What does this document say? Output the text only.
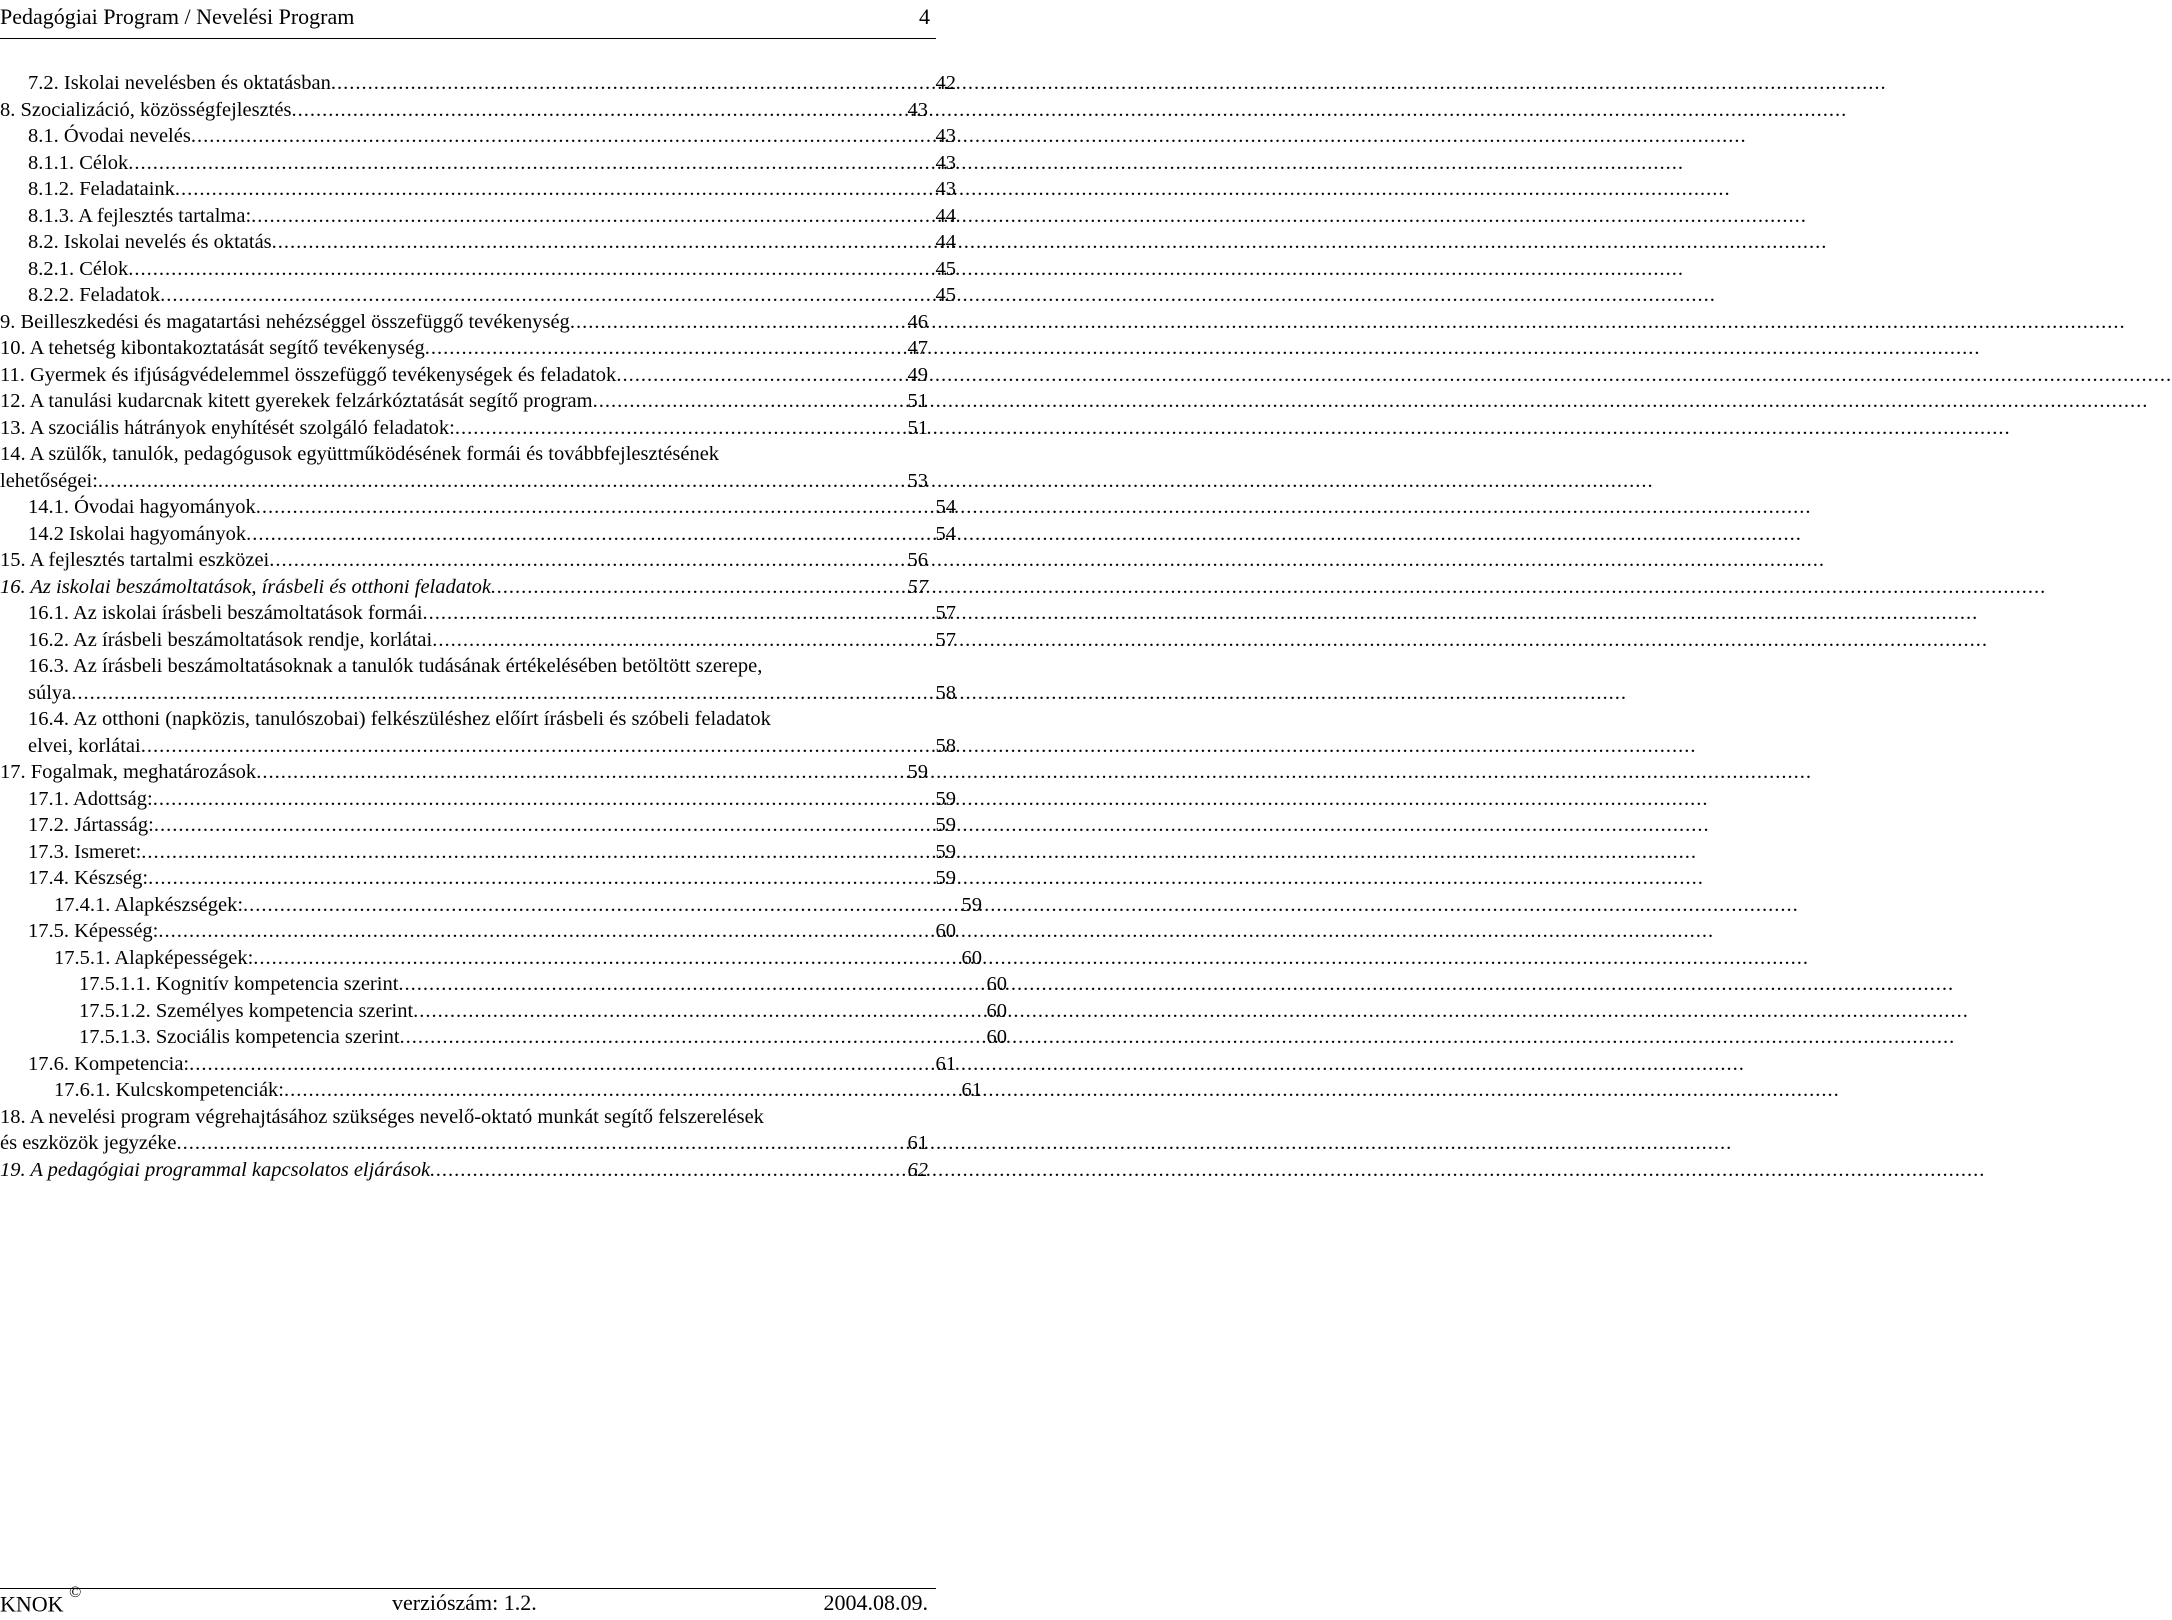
Pedagógiai Program / Nevelési Program	4
7.2. Iskolai nevelésben és oktatásban .....	42
8. Szocializáció, közösségfejlesztés .....	43
8.1. Óvodai nevelés .....	43
8.1.1. Célok .....	43
8.1.2. Feladataink .....	43
8.1.3. A fejlesztés tartalma: .....	44
8.2. Iskolai nevelés és oktatás .....	44
8.2.1. Célok .....	45
8.2.2. Feladatok .....	45
9. Beilleszkedési és magatartási nehézséggel összefüggő tevékenység .....	46
10. A tehetség kibontakoztatását segítő tevékenység .....	47
11. Gyermek és ifjúságvédelemmel összefüggő tevékenységek és feladatok .....	49
12. A tanulási kudarcnak kitett gyerekek felzárkóztatását segítő program .....	51
13. A szociális hátrányok enyhítését szolgáló feladatok: .....	51
14. A szülők, tanulók, pedagógusok együttműködésének formái és továbbfejlesztésének
lehetőségei: .....	53
14.1. Óvodai hagyományok .....	54
14.2 Iskolai hagyományok .....	54
15. A fejlesztés tartalmi eszközei .....	56
16. Az iskolai beszámoltatások, írásbeli és otthoni feladatok .....	57
16.1. Az iskolai írásbeli beszámoltatások formái .....	57
16.2. Az írásbeli beszámoltatások rendje, korlátai .....	57
16.3. Az írásbeli beszámoltatásoknak a tanulók tudásának értékelésében betöltött szerepe,
súlya .....	58
16.4. Az otthoni (napközis, tanulószobai) felkészüléshez előírt írásbeli és szóbeli feladatok
elvei, korlátai .....	58
17. Fogalmak, meghatározások .....	59
17.1. Adottság: .....	59
17.2. Jártasság: .....	59
17.3. Ismeret: .....	59
17.4. Készség: .....	59
17.4.1. Alapkészségek: .....	59
17.5. Képesség: .....	60
17.5.1. Alapképességek: .....	60
17.5.1.1. Kognitív kompetencia szerint .....	60
17.5.1.2. Személyes kompetencia szerint .....	60
17.5.1.3. Szociális kompetencia szerint .....	60
17.6. Kompetencia: .....	61
17.6.1. Kulcskompetenciák: .....	61
18. A nevelési program végrehajtásához szükséges nevelő-oktató munkát segítő felszerelések
és eszközök jegyzéke .....	61
19. A pedagógiai programmal kapcsolatos eljárások .....	62
KNOK ©	verziószám: 1.2.	2004.08.09.
